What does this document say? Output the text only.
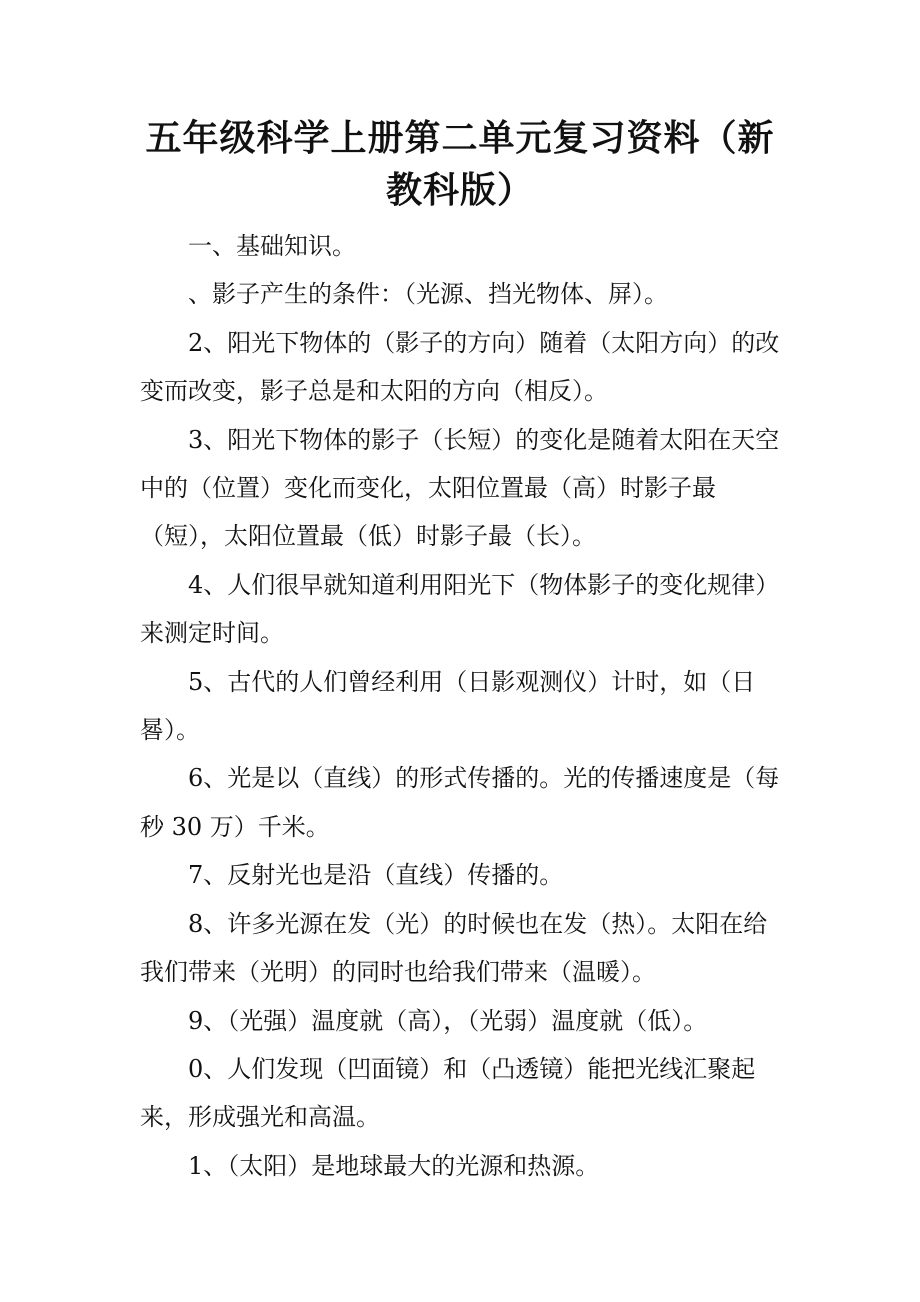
五年级科学上册第二单元复习资料（新教科版）

一、基础知识。

、影子产生的条件：（光源、挡光物体、屏）。

2、阳光下物体的（影子的方向）随着（太阳方向）的改变而改变，影子总是和太阳的方向（相反）。

3、阳光下物体的影子（长短）的变化是随着太阳在天空中的（位置）变化而变化，太阳位置最（高）时影子最（短），太阳位置最（低）时影子最（长）。

4、人们很早就知道利用阳光下（物体影子的变化规律）来测定时间。

5、古代的人们曾经利用（日影观测仪）计时，如（日晷）。

6、光是以（直线）的形式传播的。光的传播速度是（每秒 30 万）千米。

7、反射光也是沿（直线）传播的。

8、许多光源在发（光）的时候也在发（热）。太阳在给我们带来（光明）的同时也给我们带来（温暖）。

9、（光强）温度就（高），（光弱）温度就（低）。

0、人们发现（凹面镜）和（凸透镜）能把光线汇聚起来，形成强光和高温。

1、（太阳）是地球最大的光源和热源。
